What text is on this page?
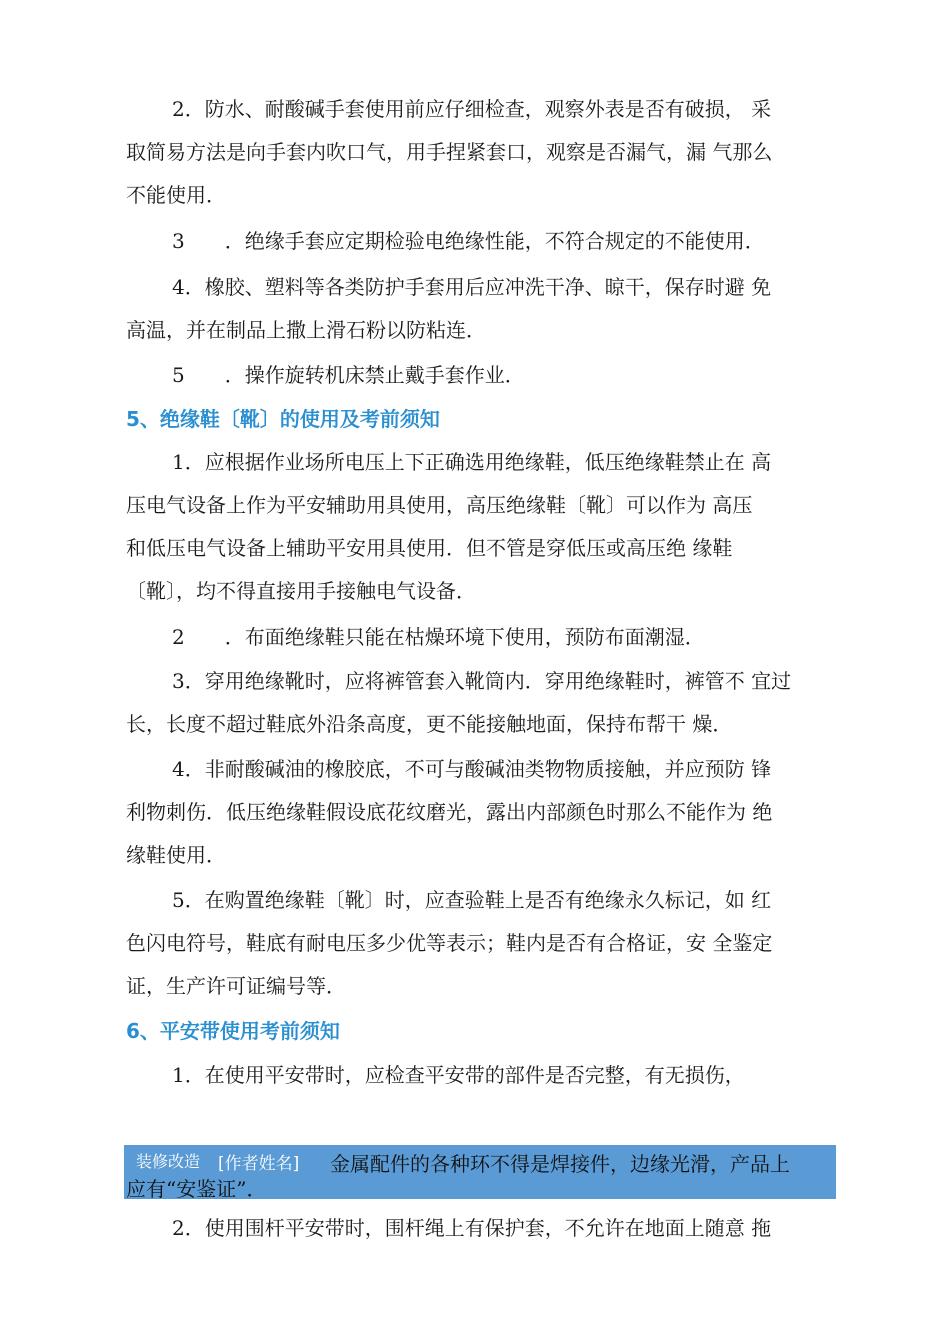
2．防水、耐酸碱手套使用前应仔细检查，观察外表是否有破损， 采
取简易方法是向手套内吹口气，用手捏紧套口，观察是否漏气，漏 气那么
不能使用．
3　　．绝缘手套应定期检验电绝缘性能，不符合规定的不能使用．
4．橡胶、塑料等各类防护手套用后应冲洗干净、晾干，保存时避 免
高温，并在制品上撒上滑石粉以防粘连．
5　　．操作旋转机床禁止戴手套作业．
5、绝缘鞋〔靴〕的使用及考前须知
1．应根据作业场所电压上下正确选用绝缘鞋，低压绝缘鞋禁止在 高
压电气设备上作为平安辅助用具使用，高压绝缘鞋〔靴〕可以作为 高压
和低压电气设备上辅助平安用具使用．但不管是穿低压或高压绝 缘鞋
〔靴〕，均不得直接用手接触电气设备．
2　　．布面绝缘鞋只能在枯燥环境下使用，预防布面潮湿．
3．穿用绝缘靴时，应将裤管套入靴筒内．穿用绝缘鞋时，裤管不 宜过
长，长度不超过鞋底外沿条高度，更不能接触地面，保持布帮干 燥．
4．非耐酸碱油的橡胶底，不可与酸碱油类物物质接触，并应预防 锋
利物刺伤．低压绝缘鞋假设底花纹磨光，露出内部颜色时那么不能作为 绝
缘鞋使用．
5．在购置绝缘鞋〔靴〕时，应查验鞋上是否有绝缘永久标记，如 红
色闪电符号，鞋底有耐电压多少优等表示；鞋内是否有合格证，安 全鉴定
证，生产许可证编号等．
6、平安带使用考前须知
1．在使用平安带时，应检查平安带的部件是否完整，有无损伤，
装修改造 [作者姓名] 金属配件的各种环不得是焊接件，边缘光滑，产品上
应有“安鉴证”．
2．使用围杆平安带时，围杆绳上有保护套，不允许在地面上随意 拖
